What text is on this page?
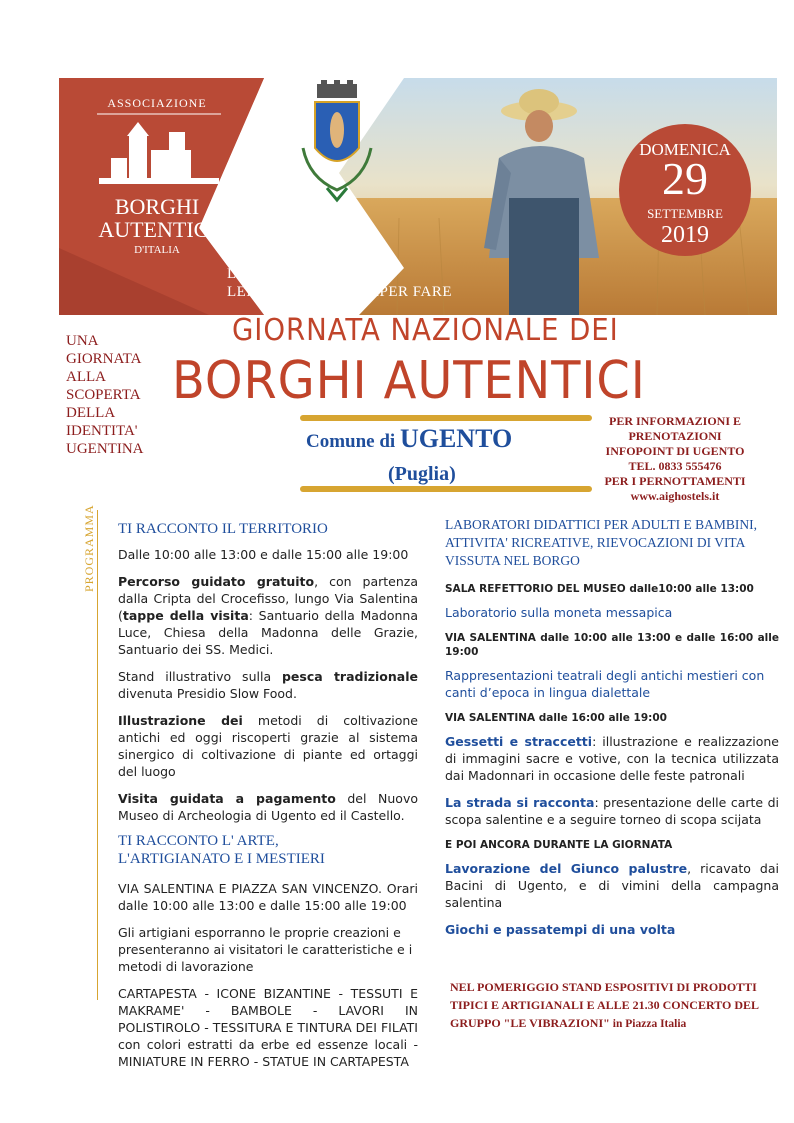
ASSOCIAZIONE
BORGHI
AUTENTICI
D'ITALIA
LUOGHI DELLA
LENTEZZA E DEL SAPER FARE
DOMENICA
29
SETTEMBRE
2019
UNA
GIORNATA
ALLA
SCOPERTA
DELLA
IDENTITA'
UGENTINA
GIORNATA NAZIONALE DEI
BORGHI AUTENTICI
Comune di UGENTO
(Puglia)
PER INFORMAZIONI E
PRENOTAZIONI
INFOPOINT DI UGENTO
TEL. 0833 555476
PER I PERNOTTAMENTI
www.aighostels.it
PROGRAMMA TI RACCONTO IL TERRITORIO

Dalle 10:00 alle 13:00 e dalle 15:00 alle 19:00

Percorso guidato gratuito, con partenza dalla Cripta del Crocefisso, lungo Via Salentina (tappe della visita: Santuario della Madonna Luce, Chiesa della Madonna delle Grazie, Santuario dei SS. Medici.

Stand illustrativo sulla pesca tradizionale divenuta Presidio Slow Food.

Illustrazione dei metodi di coltivazione antichi ed oggi riscoperti grazie al sistema sinergico di coltivazione di piante ed ortaggi del luogo

Visita guidata a pagamento del Nuovo Museo di Archeologia di Ugento ed il Castello.

TI RACCONTO L' ARTE,
L'ARTIGIANATO E I MESTIERI

VIA SALENTINA E PIAZZA SAN VINCENZO. Orari dalle 10:00 alle 13:00 e dalle 15:00 alle 19:00

Gli artigiani esporranno le proprie creazioni e presenteranno ai visitatori le caratteristiche e i metodi di lavorazione

CARTAPESTA - ICONE BIZANTINE - TESSUTI E MAKRAME' - BAMBOLE - LAVORI IN POLISTIROLO - TESSITURA E TINTURA DEI FILATI con colori estratti da erbe ed essenze locali - MINIATURE IN FERRO - STATUE IN CARTAPESTA

LABORATORI DIDATTICI PER ADULTI E BAMBINI, ATTIVITA' RICREATIVE, RIEVOCAZIONI DI VITA VISSUTA NEL BORGO
SALA REFETTORIO DEL MUSEO dalle10:00 alle 13:00

Laboratorio sulla moneta messapica

VIA SALENTINA dalle 10:00 alle 13:00 e dalle 16:00 alle 19:00

Rappresentazioni teatrali degli antichi mestieri con canti d’epoca in lingua dialettale

VIA SALENTINA dalle 16:00 alle 19:00

Gessetti e straccetti: illustrazione e realizzazione di immagini sacre e votive, con la tecnica utilizzata dai Madonnari in occasione delle feste patronali

La strada si racconta: presentazione delle carte di scopa salentine e a seguire torneo di scopa scijata

E POI ANCORA DURANTE LA GIORNATA

Lavorazione del Giunco palustre, ricavato dai Bacini di Ugento, e di vimini della campagna salentina

Giochi e passatempi di una volta

NEL POMERIGGIO STAND ESPOSITIVI DI PRODOTTI TIPICI E ARTIGIANALI E ALLE 21.30 CONCERTO DEL GRUPPO "LE VIBRAZIONI" in Piazza Italia
